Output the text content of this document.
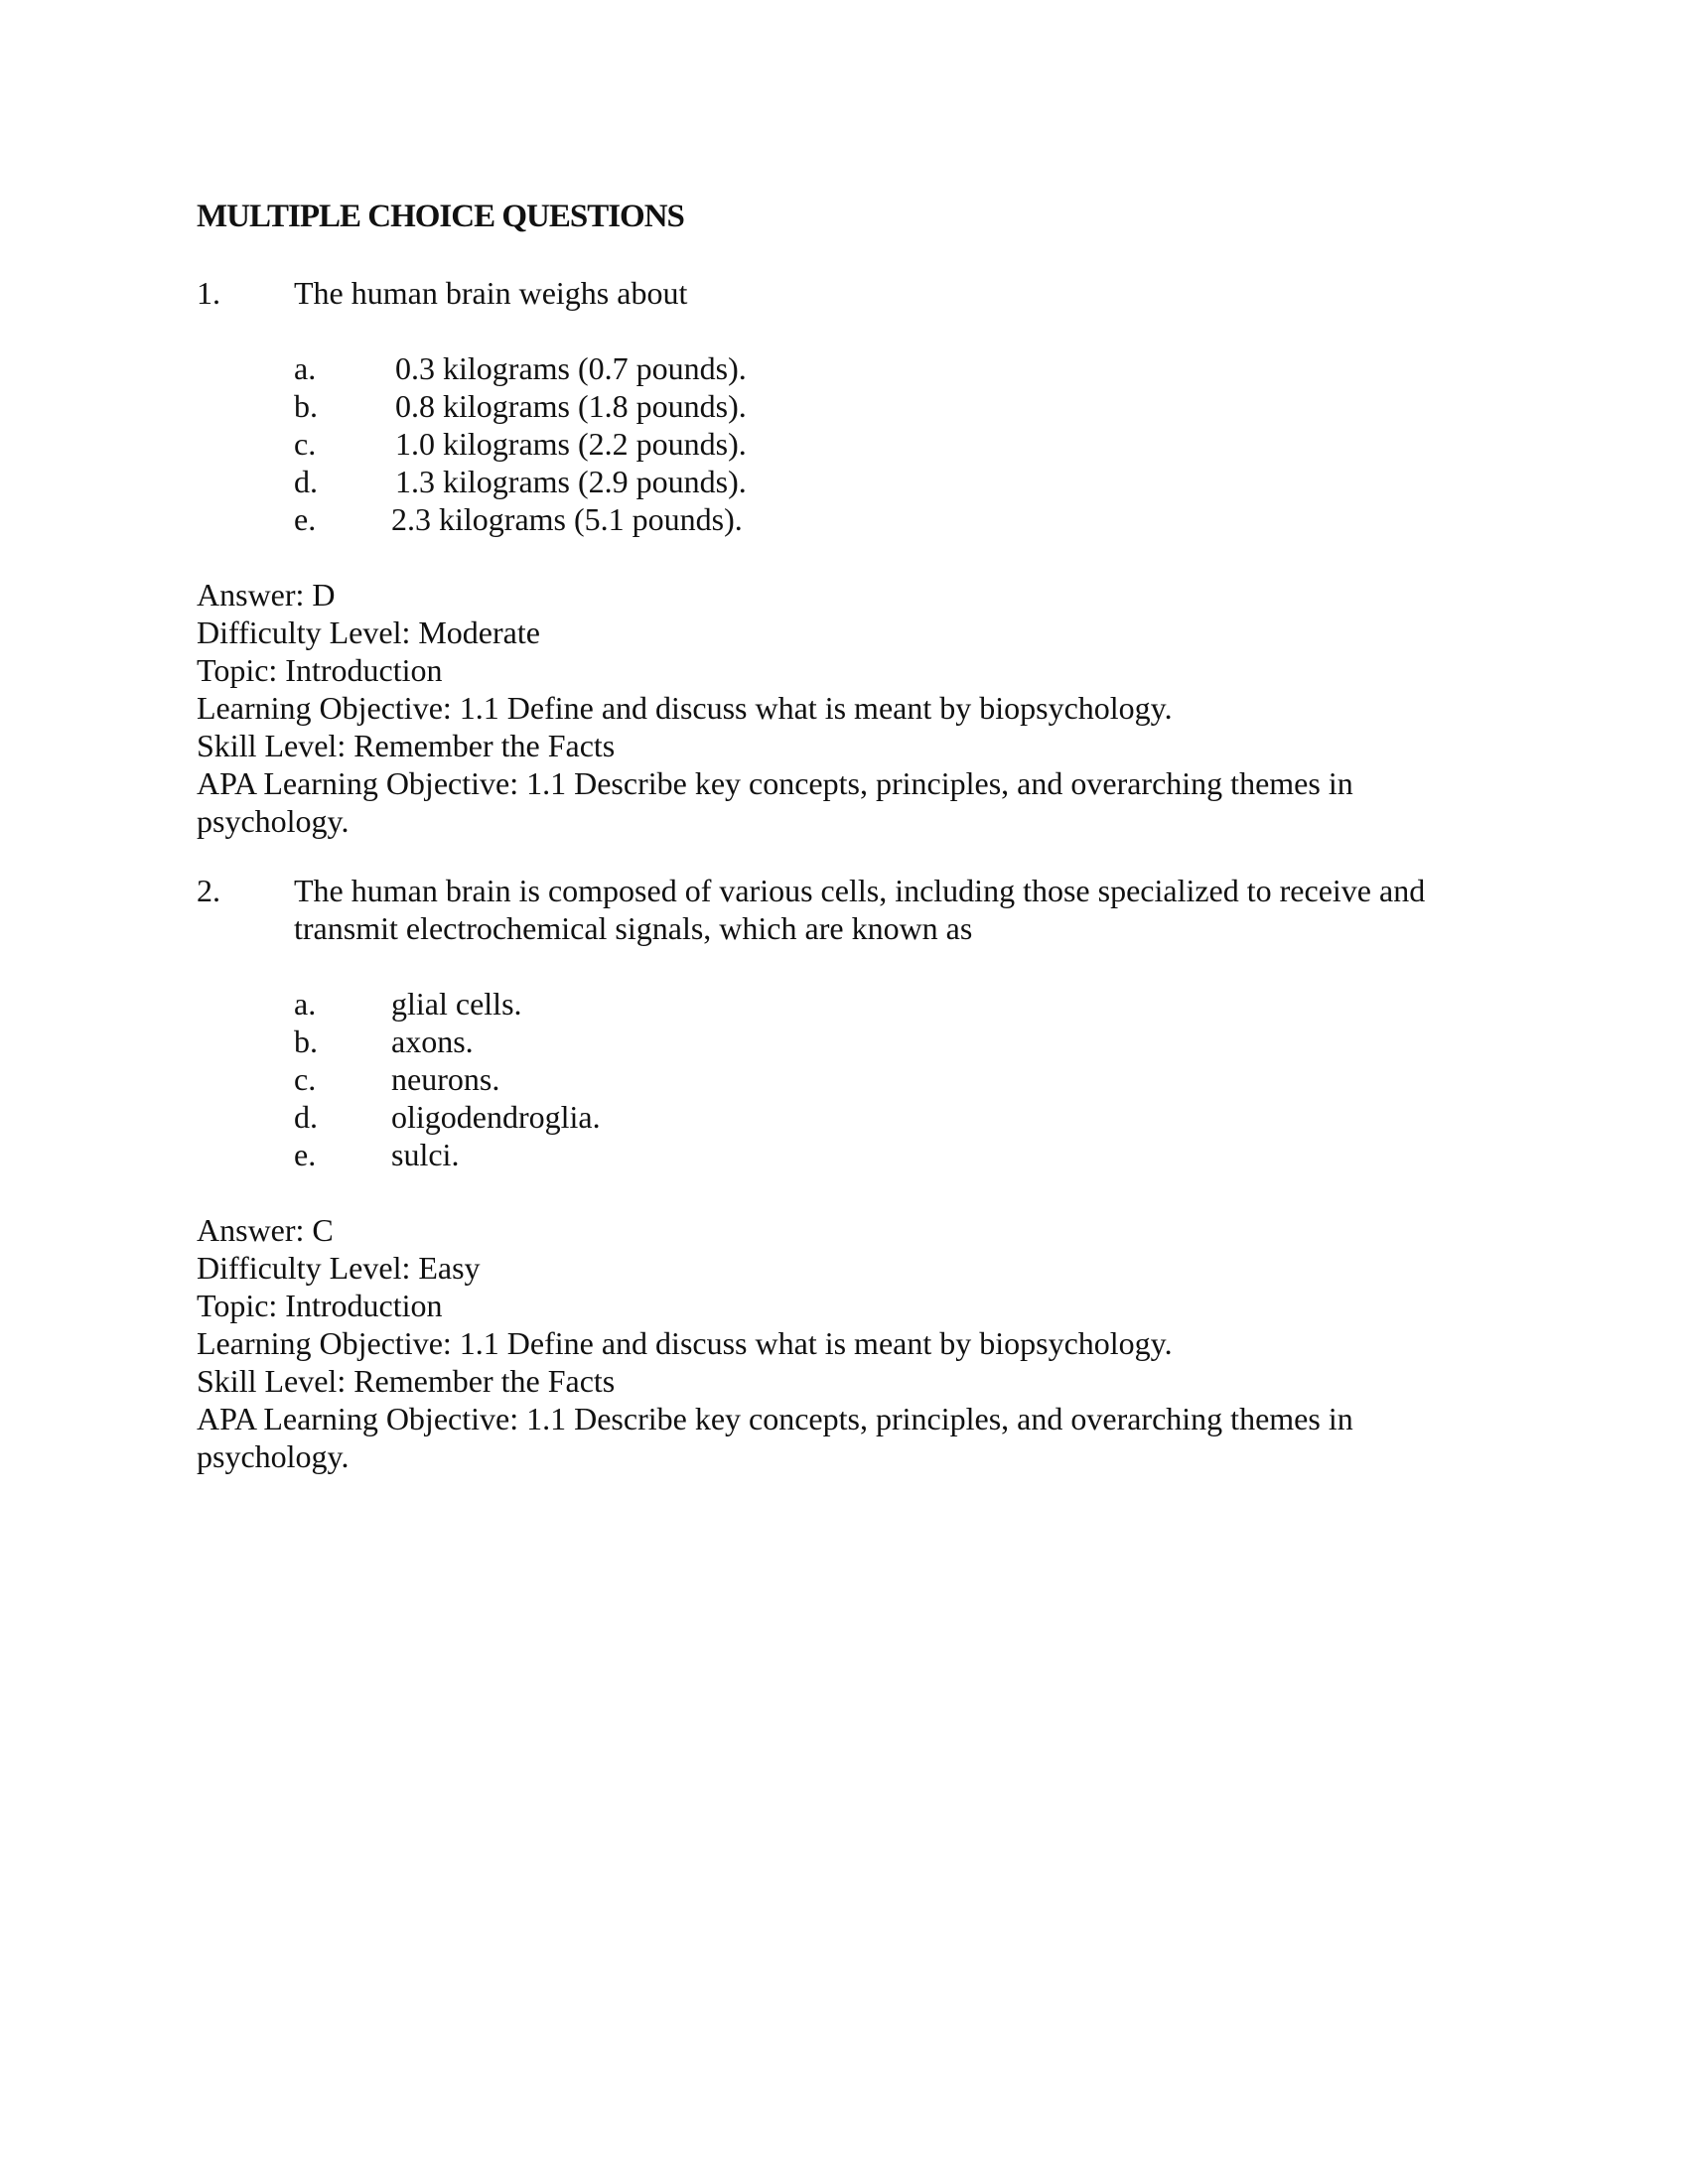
MULTIPLE CHOICE QUESTIONS
1. The human brain weighs about
a. 0.3 kilograms (0.7 pounds).
b. 0.8 kilograms (1.8 pounds).
c. 1.0 kilograms (2.2 pounds).
d. 1.3 kilograms (2.9 pounds).
e. 2.3 kilograms (5.1 pounds).
Answer: D
Difficulty Level: Moderate
Topic: Introduction
Learning Objective: 1.1 Define and discuss what is meant by biopsychology.
Skill Level: Remember the Facts
APA Learning Objective: 1.1 Describe key concepts, principles, and overarching themes in psychology.
2. The human brain is composed of various cells, including those specialized to receive and transmit electrochemical signals, which are known as
a. glial cells.
b. axons.
c. neurons.
d. oligodendroglia.
e. sulci.
Answer: C
Difficulty Level: Easy
Topic: Introduction
Learning Objective: 1.1 Define and discuss what is meant by biopsychology.
Skill Level: Remember the Facts
APA Learning Objective: 1.1 Describe key concepts, principles, and overarching themes in psychology.
